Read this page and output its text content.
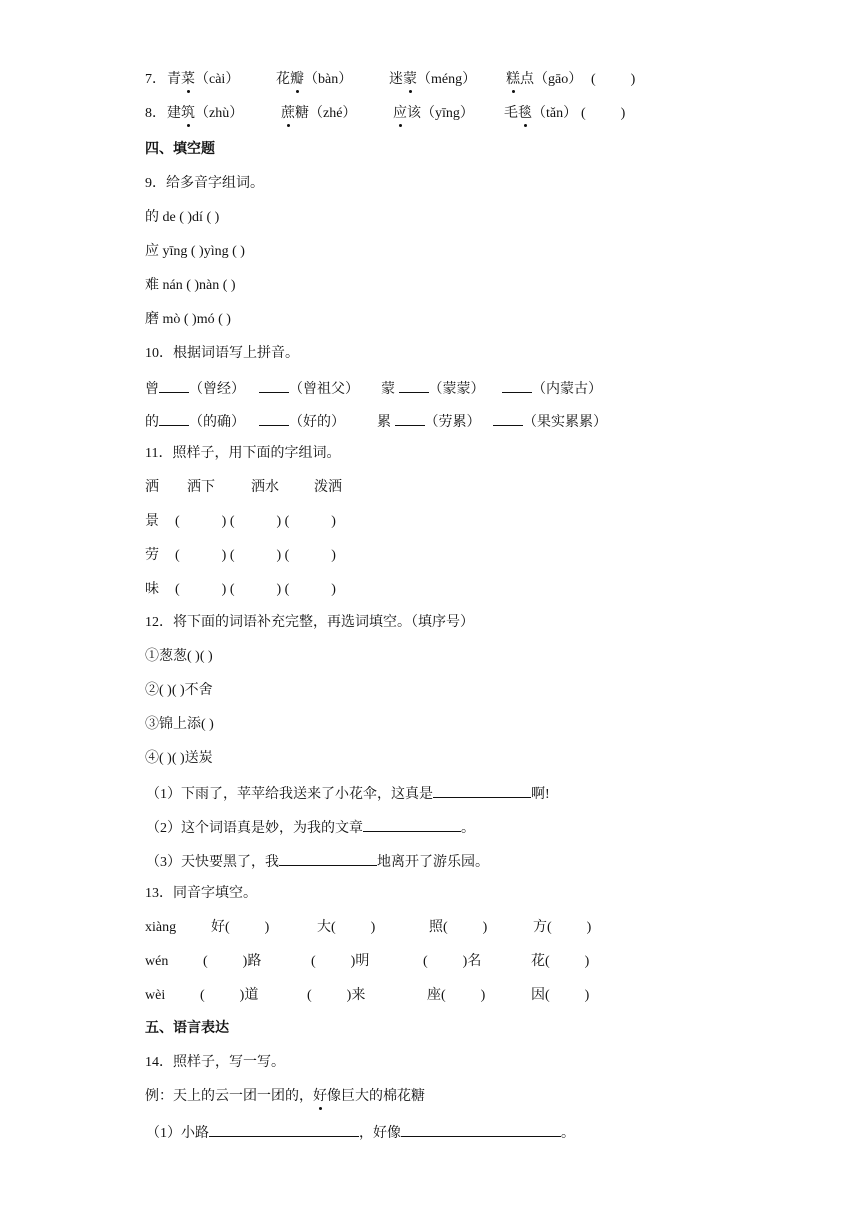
7． 青菜（cài）	花瓣（bàn）	迷蒙（méng） 糕点（gāo） (          )
8． 建筑（zhù）	蔗糖（zhé）	应该（yīng） 毛毯（tǎn） (          )
四、填空题
9．给多音字组词。
的 de ( )dí ( )
应 yīng ( )yìng ( )
难 nán ( )nàn ( )
磨 mò ( )mó ( )
10．根据词语写上拼音。
曾 （曾经）	（曾祖父） 蒙 （蒙蒙）	（内蒙古）
的 （的确）	（好的） 累 （劳累）	（果实累累）
11．照样子，用下面的字组词。
洒 洒下	洒水	泼洒
景 (            ) (            ) (            )
劳 (            ) (            ) (            )
味 (            ) (            ) (            )
12．将下面的词语补充完整，再选词填空。（填序号）
①葱葱( )( )
②( )( )不舍
③锦上添( )
④( )( )送炭
（1）下雨了，苹苹给我送来了小花伞，这真是	啊!
（2）这个词语真是妙，为我的文章	。
（3）天快要黑了，我	地离开了游乐园。
13．同音字填空。
xiàng 好(          )	大(          )	照(          )	方(          )
wén (          )路	(          )明	(          )名	花(          )
wèi (          )道	(          )来	座(          )	因(          )
五、语言表达
14．照样子，写一写。
例：天上的云一团一团的，好像巨大的棉花糖
（1）小路	，好像	。
